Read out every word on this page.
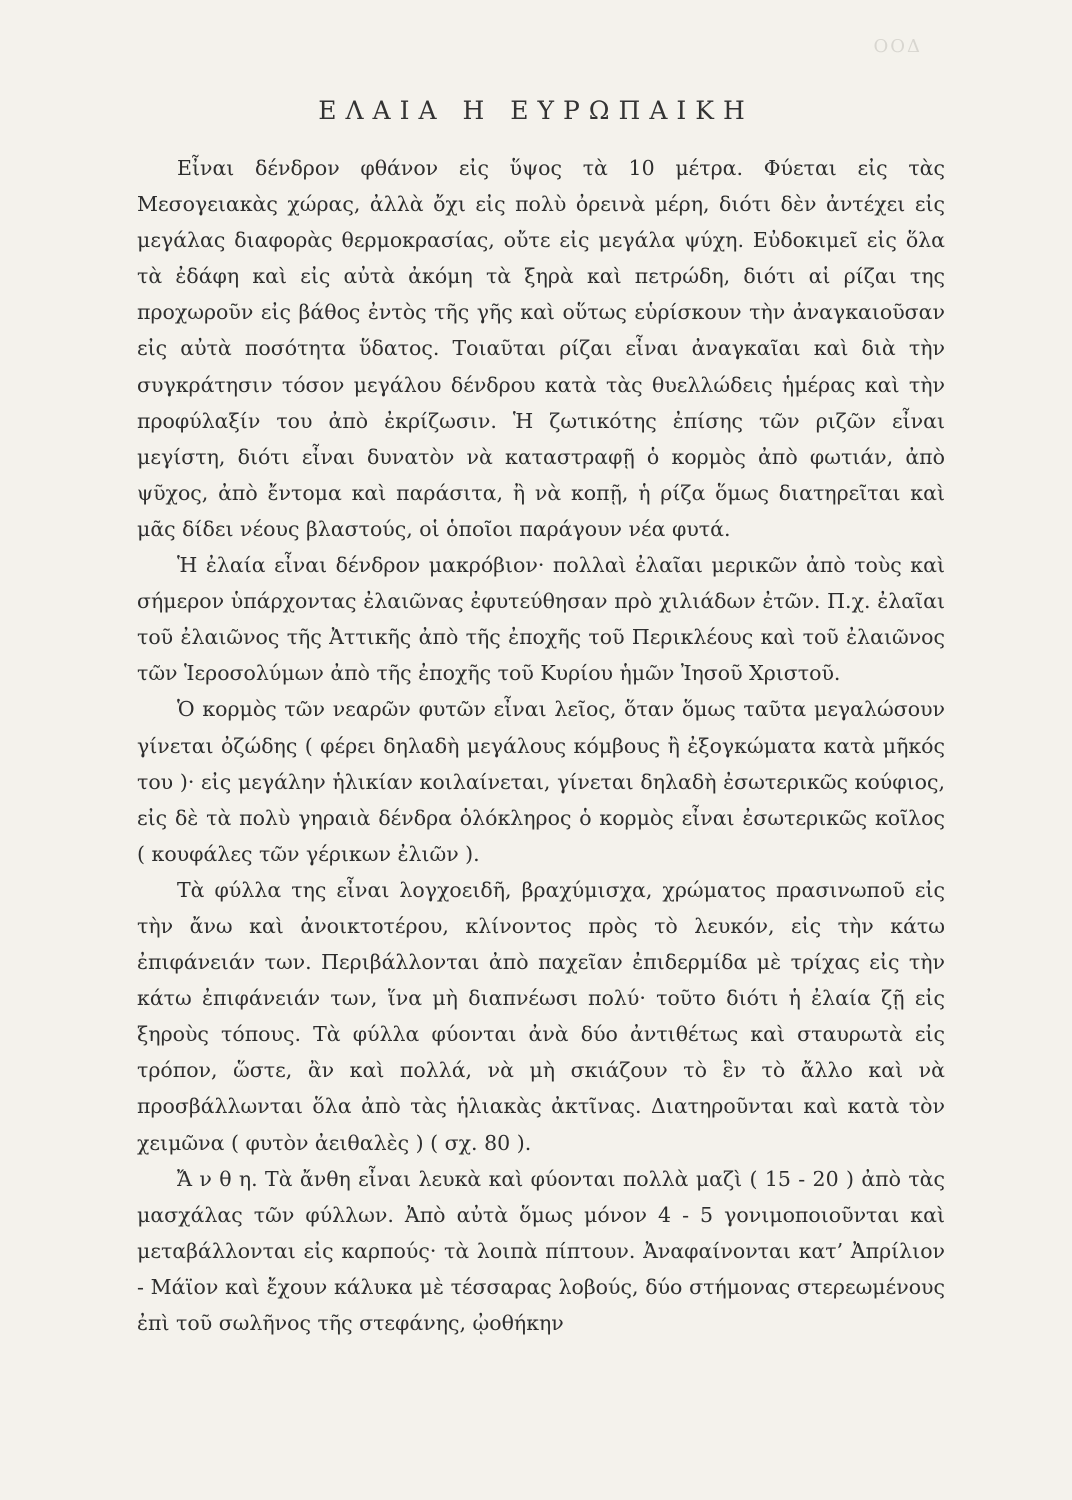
ΟΟΔ
ΕΛΑΙΑ Η ΕΥΡΩΠΑΙΚΗ

Εἶναι δένδρον φθάνον εἰς ὕψος τὰ 10 μέτρα. Φύεται εἰς τὰς Μεσογειακὰς χώρας, ἀλλὰ ὄχι εἰς πολὺ ὀρεινὰ μέρη, διότι δὲν ἀντέχει εἰς μεγάλας διαφορὰς θερμοκρασίας, οὔτε εἰς μεγάλα ψύχη. Εὐδοκιμεῖ εἰς ὅλα τὰ ἐδάφη καὶ εἰς αὐτὰ ἀκόμη τὰ ξηρὰ καὶ πετρώδη, διότι αἱ ρίζαι της προχωροῦν εἰς βάθος ἐντὸς τῆς γῆς καὶ οὕτως εὑρίσκουν τὴν ἀναγκαιοῦσαν εἰς αὐτὰ ποσότητα ὕδατος. Τοιαῦται ρίζαι εἶναι ἀναγκαῖαι καὶ διὰ τὴν συγκράτησιν τόσον μεγάλου δένδρου κατὰ τὰς θυελλώδεις ἡμέρας καὶ τὴν προφύλαξίν του ἀπὸ ἐκρίζωσιν. Ἡ ζωτικότης ἐπίσης τῶν ριζῶν εἶναι μεγίστη, διότι εἶναι δυνατὸν νὰ καταστραφῇ ὁ κορμὸς ἀπὸ φωτιάν, ἀπὸ ψῦχος, ἀπὸ ἔντομα καὶ παράσιτα, ἢ νὰ κοπῇ, ἡ ρίζα ὅμως διατηρεῖται καὶ μᾶς δίδει νέους βλαστούς, οἱ ὁποῖοι παράγουν νέα φυτά.

Ἡ ἐλαία εἶναι δένδρον μακρόβιον· πολλαὶ ἐλαῖαι μερικῶν ἀπὸ τοὺς καὶ σήμερον ὑπάρχοντας ἐλαιῶνας ἐφυτεύθησαν πρὸ χιλιάδων ἐτῶν. Π.χ. ἐλαῖαι τοῦ ἐλαιῶνος τῆς Ἀττικῆς ἀπὸ τῆς ἐποχῆς τοῦ Περικλέους καὶ τοῦ ἐλαιῶνος τῶν Ἱεροσολύμων ἀπὸ τῆς ἐποχῆς τοῦ Κυρίου ἡμῶν Ἰησοῦ Χριστοῦ.

Ὁ κορμὸς τῶν νεαρῶν φυτῶν εἶναι λεῖος, ὅταν ὅμως ταῦτα μεγαλώσουν γίνεται ὀζώδης ( φέρει δηλαδὴ μεγάλους κόμβους ἢ ἐξογκώματα κατὰ μῆκός του )· εἰς μεγάλην ἡλικίαν κοιλαίνεται, γίνεται δηλαδὴ ἐσωτερικῶς κούφιος, εἰς δὲ τὰ πολὺ γηραιὰ δένδρα ὁλόκληρος ὁ κορμὸς εἶναι ἐσωτερικῶς κοῖλος ( κουφάλες τῶν γέρικων ἐλιῶν ).

Τὰ φύλλα της εἶναι λογχοειδῆ, βραχύμισχα, χρώματος πρασινωποῦ εἰς τὴν ἄνω καὶ ἀνοικτοτέρου, κλίνοντος πρὸς τὸ λευκόν, εἰς τὴν κάτω ἐπιφάνειάν των. Περιβάλλονται ἀπὸ παχεῖαν ἐπιδερμίδα μὲ τρίχας εἰς τὴν κάτω ἐπιφάνειάν των, ἵνα μὴ διαπνέωσι πολύ· τοῦτο διότι ἡ ἐλαία ζῇ εἰς ξηροὺς τόπους. Τὰ φύλλα φύονται ἀνὰ δύο ἀντιθέτως καὶ σταυρωτὰ εἰς τρόπον, ὥστε, ἂν καὶ πολλά, νὰ μὴ σκιάζουν τὸ ἓν τὸ ἄλλο καὶ νὰ προσβάλλωνται ὅλα ἀπὸ τὰς ἡλιακὰς ἀκτῖνας. Διατηροῦνται καὶ κατὰ τὸν χειμῶνα ( φυτὸν ἀειθαλὲς ) ( σχ. 80 ).

Ἄ ν θ η. Τὰ ἄνθη εἶναι λευκὰ καὶ φύονται πολλὰ μαζὶ ( 15 - 20 ) ἀπὸ τὰς μασχάλας τῶν φύλλων. Ἀπὸ αὐτὰ ὅμως μόνον 4 - 5 γονιμοποιοῦνται καὶ μεταβάλλονται εἰς καρπούς· τὰ λοιπὰ πίπτουν. Ἀναφαίνονται κατ’ Ἀπρίλιον - Μάϊον καὶ ἔχουν κάλυκα μὲ τέσσαρας λοβούς, δύο στήμονας στερεωμένους ἐπὶ τοῦ σωλῆνος τῆς στεφάνης, ᾠοθήκην
